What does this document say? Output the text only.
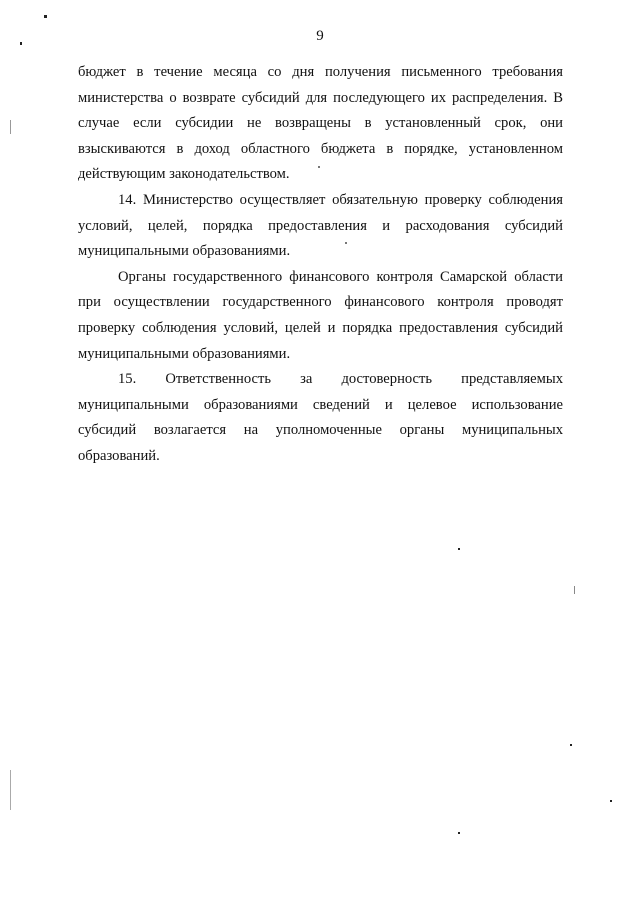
9

бюджет в течение месяца со дня получения письменного требования министерства о возврате субсидий для последующего их распределения. В случае если субсидии не возвращены в установленный срок, они взыскиваются в доход областного бюджета в порядке, установленном действующим законодательством.

14. Министерство осуществляет обязательную проверку соблюдения условий, целей, порядка предоставления и расходования субсидий муниципальными образованиями.

Органы государственного финансового контроля Самарской области при осуществлении государственного финансового контроля проводят проверку соблюдения условий, целей и порядка предоставления субсидий муниципальными образованиями.

15. Ответственность за достоверность представляемых муниципальными образованиями сведений и целевое использование субсидий возлагается на уполномоченные органы муниципальных образований.
